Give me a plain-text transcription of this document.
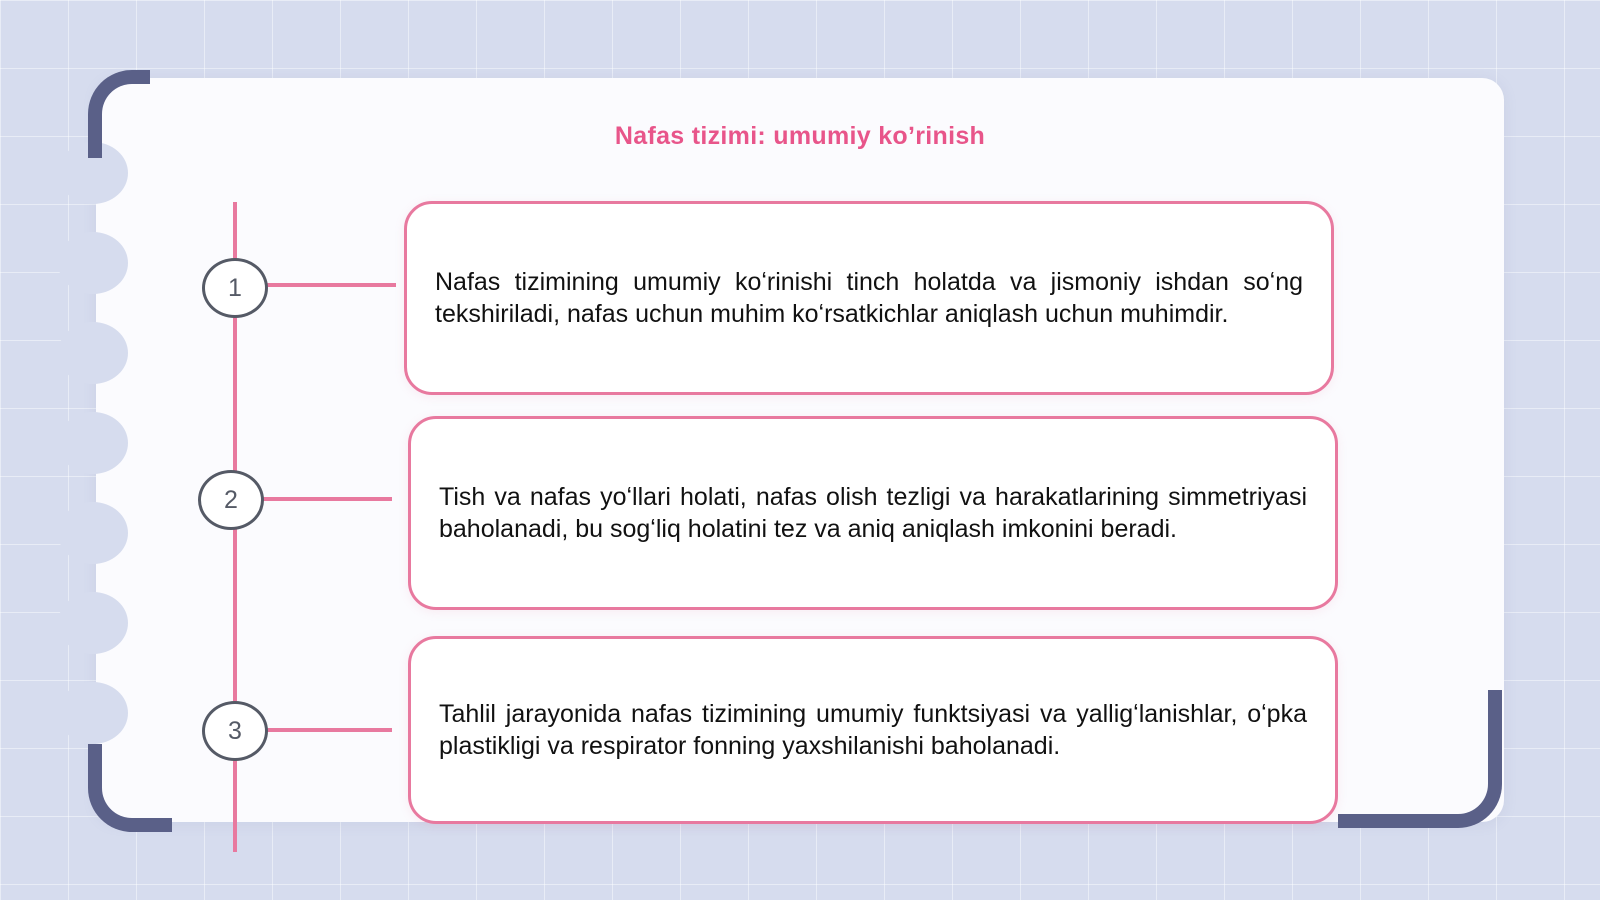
Nafas tizimi: umumiy koʼrinish
1
2
3

Nafas tizimining umumiy koʻrinishi tinch holatda va jismoniy ishdan soʻng tekshiriladi, nafas uchun muhim koʻrsatkichlar aniqlash uchun muhimdir.

Tish va nafas yoʻllari holati, nafas olish tezligi va harakatlarining simmetriyasi baholanadi, bu sogʻliq holatini tez va aniq aniqlash imkonini beradi.

Tahlil jarayonida nafas tizimining umumiy funktsiyasi va yalligʻlanishlar, oʻpka plastikligi va respirator fonning yaxshilanishi baholanadi.
